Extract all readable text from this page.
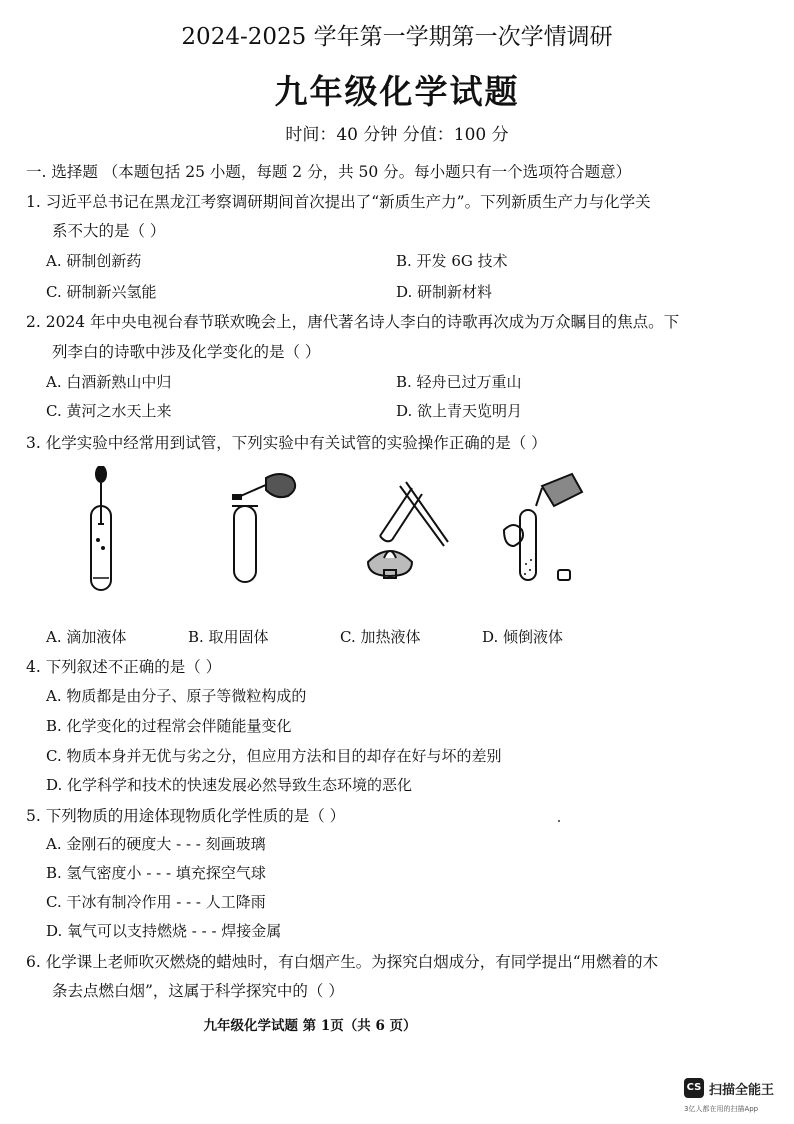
2024-2025 学年第一学期第一次学情调研
九年级化学试题
时间：40 分钟 分值：100 分
一. 选择题 （本题包括 25 小题，每题 2 分，共 50 分。每小题只有一个选项符合题意）
1. 习近平总书记在黑龙江考察调研期间首次提出了“新质生产力”。下列新质生产力与化学关
系不大的是（ ）
A. 研制创新药	B. 开发 6G 技术
C. 研制新兴氢能	D. 研制新材料
2. 2024 年中央电视台春节联欢晚会上，唐代著名诗人李白的诗歌再次成为万众瞩目的焦点。下
列李白的诗歌中涉及化学变化的是（ ）
A. 白酒新熟山中归	B. 轻舟已过万重山
C. 黄河之水天上来	D. 欲上青天览明月
3. 化学实验中经常用到试管，下列实验中有关试管的实验操作正确的是（ ）
A. 滴加液体	B. 取用固体	C. 加热液体	D. 倾倒液体
4. 下列叙述不正确的是（ ）
A. 物质都是由分子、原子等微粒构成的
B. 化学变化的过程常会伴随能量变化
C. 物质本身并无优与劣之分，但应用方法和目的却存在好与坏的差别
D. 化学科学和技术的快速发展必然导致生态环境的恶化
5. 下列物质的用途体现物质化学性质的是（ ）
A. 金刚石的硬度大 - - - 刻画玻璃
B. 氢气密度小 - - - 填充探空气球
C. 干冰有制冷作用 - - - 人工降雨
D. 氧气可以支持燃烧 - - - 焊接金属
6. 化学课上老师吹灭燃烧的蜡烛时，有白烟产生。为探究白烟成分，有同学提出“用燃着的木
条去点燃白烟”，这属于科学探究中的（ ）
九年级化学试题 第 1页（共 6 页）
CS 扫描全能王
3亿人都在用的扫描App
